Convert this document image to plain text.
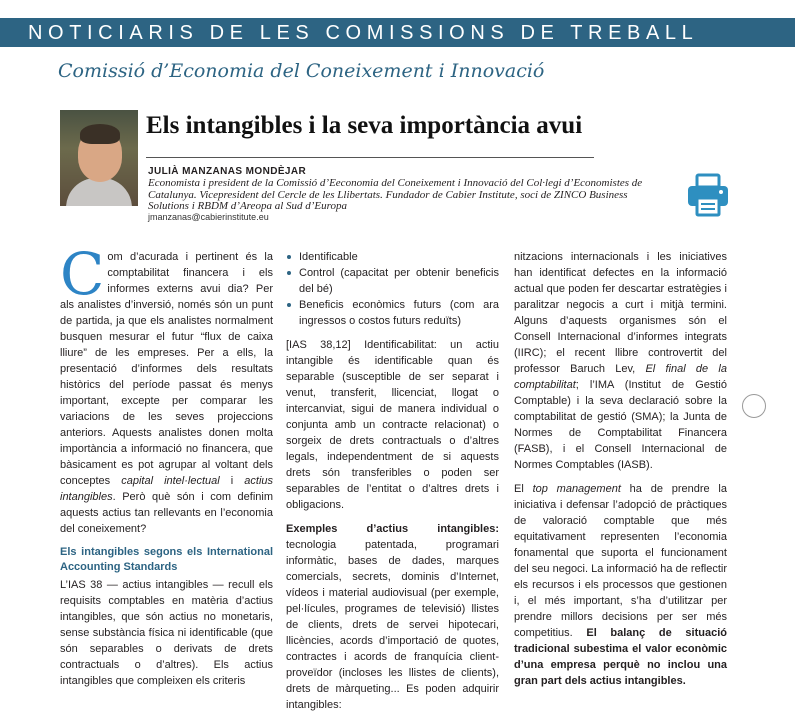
NOTICIARIS DE LES COMISSIONS DE TREBALL
Comissió d’Economia del Coneixement i Innovació
Els intangibles i la seva importància avui
JULIÀ MANZANAS MONDÈJAR
Economista i president de la Comissió d’Eeconomia del Coneixement i Innovació del Col·legi d’Economistes de Catalunya. Vicepresident del Cercle de les Llibertats. Fundador de Cabier Institute, soci de ZINCO Business Solutions i RBDM d’Areopa al Sud d’Europa
jmanzanas@cabierinstitute.eu

Com d’acurada i pertinent és la comptabilitat financera i els informes externs avui dia? Per als analistes d’inversió, només són un punt de partida, ja que els analistes normalment busquen mesurar el futur “flux de caixa lliure” de les empreses. Per a ells, la presentació d’informes dels resultats històrics del període passat és menys important, excepte per comparar les variacions de les seves projeccions anteriors. Aquests analistes donen molta importància a informació no financera, que bàsicament es pot agrupar al voltant dels conceptes capital intel·lectual i actius intangibles. Però què són i com definim aquests actius tan rellevants en l’economia del coneixement?

Els intangibles segons els International Accounting Standards

L’IAS 38 — actius intangibles — recull els requisits comptables en matèria d’actius intangibles, que són actius no monetaris, sense substància física ni identificable (que són separables o derivats de drets contractuals o d’altres). Els actius intangibles que compleixen els criteris

Identificable
Control (capacitat per obtenir beneficis del bé)
Beneficis econòmics futurs (com ara ingressos o costos futurs reduïts)

[IAS 38,12] Identificabilitat: un actiu intangible és identificable quan és separable (susceptible de ser separat i venut, transferit, llicenciat, llogat o intercanviat, sigui de manera individual o conjunta amb un contracte relacionat) o sorgeix de drets contractuals o d’altres legals, independentment de si aquests drets són transferibles o poden ser separables de l’entitat o d’altres drets i obligacions.

Exemples d’actius intangibles: tecnologia patentada, programari informàtic, bases de dades, marques comercials, secrets, dominis d’Internet, vídeos i material audiovisual (per exemple, pel·lícules, programes de televisió) llistes de clients, drets de servei hipotecari, llicències, acords d’importació de quotes, contractes i acords de franquícia client-proveïdor (incloses les llistes de clients), drets de màrqueting... Es poden adquirir intangibles:

nitzacions internacionals i les iniciatives han identificat defectes en la informació actual que poden fer descartar estratègies i paralitzar negocis a curt i mitjà termini. Alguns d’aquests organismes són el Consell Internacional d’informes integrats (IIRC); el recent llibre controvertit del professor Baruch Lev, El final de la comptabilitat; l’IMA (Institut de Gestió Comptable) i la seva declaració sobre la comptabilitat de gestió (SMA); la Junta de Normes de Comptabilitat Financera (FASB), i el Consell Internacional de Normes Comptables (IASB).

El top management ha de prendre la iniciativa i defensar l’adopció de pràctiques de valoració comptable que més equitativament representen l’economia fonamental que suporta el funcionament del seu negoci. La informació ha de reflectir els recursos i els processos que gestionen i, el més important, s’ha d’utilitzar per prendre millors decisions per ser més competitius. El balanç de situació tradicional subestima el valor econòmic d’una empresa perquè no inclou una gran part dels actius intangibles.
